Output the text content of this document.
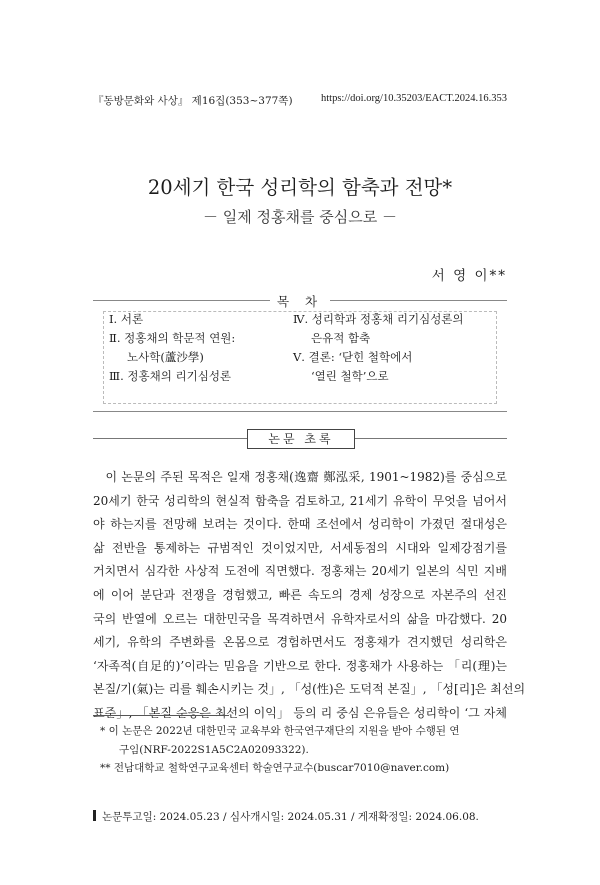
『동방문화와 사상』 제16집(353~377쪽)	https://doi.org/10.35203/EACT.2024.16.353
20세기 한국 성리학의 함축과 전망*
－ 일제 정홍채를 중심으로 －
서 영 이**
목 차
Ⅰ. 서론
Ⅱ. 정홍채의 학문적 연원:
노사학(蘆沙學)
Ⅲ. 정홍채의 리기심성론
Ⅳ. 성리학과 정홍채 리기심성론의
은유적 함축
Ⅴ. 결론: ‘닫힌 철학에서
‘열린 철학’으로
논문 초록
　이 논문의 주된 목적은 일재 정홍채(逸齋 鄭泓采, 1901~1982)를 중심으로
20세기 한국 성리학의 현실적 함축을 검토하고, 21세기 유학이 무엇을 넘어서
야 하는지를 전망해 보려는 것이다. 한때 조선에서 성리학이 가졌던 절대성은
삶 전반을 통제하는 규범적인 것이었지만, 서세동점의 시대와 일제강점기를
거치면서 심각한 사상적 도전에 직면했다. 정홍채는 20세기 일본의 식민 지배
에 이어 분단과 전쟁을 경험했고, 빠른 속도의 경제 성장으로 자본주의 선진
국의 반열에 오르는 대한민국을 목격하면서 유학자로서의 삶을 마감했다. 20
세기, 유학의 주변화를 온몸으로 경험하면서도 정홍채가 견지했던 성리학은
‘자족적(自足的)’이라는 믿음을 기반으로 한다. 정홍채가 사용하는 「리(理)는
본질/기(氣)는 리를 훼손시키는 것」, 「성(性)은 도덕적 본질」, 「성[리]은 최선의
표준」, 「본질 순응은 최선의 이익」 등의 리 중심 은유들은 성리학이 ‘그 자체
* 이 논문은 2022년 대한민국 교육부와 한국연구재단의 지원을 받아 수행된 연
구임(NRF-2022S1A5C2A02093322).
** 전남대학교 철학연구교육센터 학술연구교수(buscar7010@naver.com)
논문투고일: 2024.05.23 / 심사개시일: 2024.05.31 / 게재확정일: 2024.06.08.
